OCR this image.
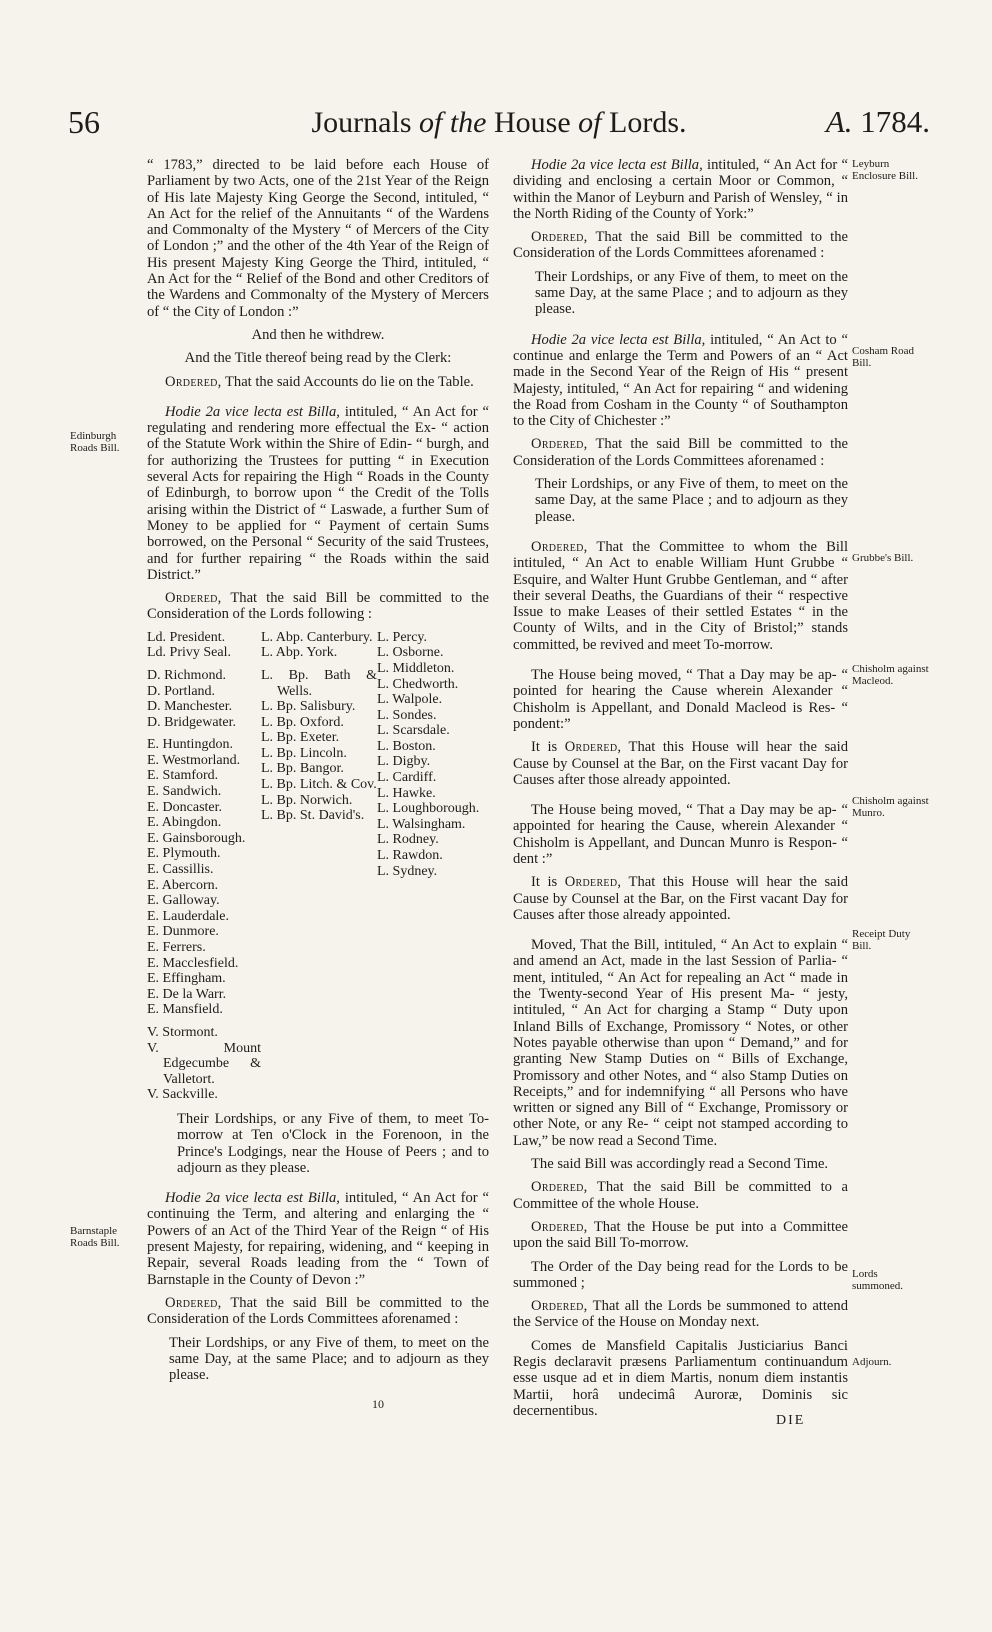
56	Journals of the House of Lords.	A. 1784.

“ 1783,” directed to be laid before each House of Parliament by two Acts, one of the 21st Year of the Reign of His late Majesty King George the Second, intituled, “ An Act for the relief of the Annuitants “ of the Wardens and Commonalty of the Mystery “ of Mercers of the City of London ;” and the other of the 4th Year of the Reign of His present Majesty King George the Third, intituled, “ An Act for the “ Relief of the Bond and other Creditors of the Wardens and Commonalty of the Mystery of Mercers of “ the City of London :”

And then he withdrew.

And the Title thereof being read by the Clerk:

Ordered, That the said Accounts do lie on the Table.

Hodie 2a vice lecta est Billa, intituled, “ An Act for “ regulating and rendering more effectual the Ex- “ action of the Statute Work within the Shire of Edin- “ burgh, and for authorizing the Trustees for putting “ in Execution several Acts for repairing the High “ Roads in the County of Edinburgh, to borrow upon “ the Credit of the Tolls arising within the District of “ Laswade, a further Sum of Money to be applied for “ Payment of certain Sums borrowed, on the Personal “ Security of the said Trustees, and for further repairing “ the Roads within the said District.”

Ordered, That the said Bill be committed to the Consideration of the Lords following :

Ld. President.
Ld. Privy Seal.
D. Richmond.
D. Portland.
D. Manchester.
D. Bridgewater.
E. Huntingdon.
E. Westmorland.
E. Stamford.
E. Sandwich.
E. Doncaster.
E. Abingdon.
E. Gainsborough.
E. Plymouth.
E. Cassillis.
E. Abercorn.
E. Galloway.
E. Lauderdale.
E. Dunmore.
E. Ferrers.
E. Macclesfield.
E. Effingham.
E. De la Warr.
E. Mansfield.
V. Stormont.
V. Mount Edgecumbe & Valletort.
V. Sackville.
L. Abp. Canterbury.
L. Abp. York.
L. Bp. Bath & Wells.
L. Bp. Salisbury.
L. Bp. Oxford.
L. Bp. Exeter.
L. Bp. Lincoln.
L. Bp. Bangor.
L. Bp. Litch. & Cov.
L. Bp. Norwich.
L. Bp. St. David's.
L. Percy.
L. Osborne.
L. Middleton.
L. Chedworth.
L. Walpole.
L. Sondes.
L. Scarsdale.
L. Boston.
L. Digby.
L. Cardiff.
L. Hawke.
L. Loughborough.
L. Walsingham.
L. Rodney.
L. Rawdon.
L. Sydney.

Their Lordships, or any Five of them, to meet To-morrow at Ten o'Clock in the Forenoon, in the Prince's Lodgings, near the House of Peers ; and to adjourn as they please.

Hodie 2a vice lecta est Billa, intituled, “ An Act for “ continuing the Term, and altering and enlarging the “ Powers of an Act of the Third Year of the Reign “ of His present Majesty, for repairing, widening, and “ keeping in Repair, several Roads leading from the “ Town of Barnstaple in the County of Devon :”

Ordered, That the said Bill be committed to the Consideration of the Lords Committees aforenamed :

Their Lordships, or any Five of them, to meet on the same Day, at the same Place; and to adjourn as they please.

10

Hodie 2a vice lecta est Billa, intituled, “ An Act for “ dividing and enclosing a certain Moor or Common, “ within the Manor of Leyburn and Parish of Wensley, “ in the North Riding of the County of York:”

Ordered, That the said Bill be committed to the Consideration of the Lords Committees aforenamed :

Their Lordships, or any Five of them, to meet on the same Day, at the same Place ; and to adjourn as they please.

Hodie 2a vice lecta est Billa, intituled, “ An Act to “ continue and enlarge the Term and Powers of an “ Act made in the Second Year of the Reign of His “ present Majesty, intituled, “ An Act for repairing “ and widening the Road from Cosham in the County “ of Southampton to the City of Chichester :”

Ordered, That the said Bill be committed to the Consideration of the Lords Committees aforenamed :

Their Lordships, or any Five of them, to meet on the same Day, at the same Place ; and to adjourn as they please.

Ordered, That the Committee to whom the Bill intituled, “ An Act to enable William Hunt Grubbe “ Esquire, and Walter Hunt Grubbe Gentleman, and “ after their several Deaths, the Guardians of their “ respective Issue to make Leases of their settled Estates “ in the County of Wilts, and in the City of Bristol;” stands committed, be revived and meet To-morrow.

The House being moved, “ That a Day may be ap- “ pointed for hearing the Cause wherein Alexander “ Chisholm is Appellant, and Donald Macleod is Res- “ pondent:”

It is Ordered, That this House will hear the said Cause by Counsel at the Bar, on the First vacant Day for Causes after those already appointed.

The House being moved, “ That a Day may be ap- “ appointed for hearing the Cause, wherein Alexander “ Chisholm is Appellant, and Duncan Munro is Respon- “ dent :”

It is Ordered, That this House will hear the said Cause by Counsel at the Bar, on the First vacant Day for Causes after those already appointed.

Moved, That the Bill, intituled, “ An Act to explain “ and amend an Act, made in the last Session of Parlia- “ ment, intituled, “ An Act for repealing an Act “ made in the Twenty-second Year of His present Ma- “ jesty, intituled, “ An Act for charging a Stamp “ Duty upon Inland Bills of Exchange, Promissory “ Notes, or other Notes payable otherwise than upon “ Demand,” and for granting New Stamp Duties on “ Bills of Exchange, Promissory and other Notes, and “ also Stamp Duties on Receipts,” and for indemnifying “ all Persons who have written or signed any Bill of “ Exchange, Promissory or other Note, or any Re- “ ceipt not stamped according to Law,” be now read a Second Time.

The said Bill was accordingly read a Second Time.

Ordered, That the said Bill be committed to a Committee of the whole House.

Ordered, That the House be put into a Committee upon the said Bill To-morrow.

The Order of the Day being read for the Lords to be summoned ;

Ordered, That all the Lords be summoned to attend the Service of the House on Monday next.

Comes de Mansfield Capitalis Justiciarius Banci Regis declaravit præsens Parliamentum continuandum esse usque ad et in diem Martis, nonum diem instantis Martii, horâ undecimâ Auroræ, Dominis sic decernentibus.

DIE
Edinburgh Roads Bill.
Barnstaple Roads Bill.
Leyburn Enclosure Bill.
Cosham Road Bill.
Grubbe's Bill.
Chisholm against Macleod.
Chisholm against Munro.
Receipt Duty Bill.
Lords summoned.
Adjourn.
